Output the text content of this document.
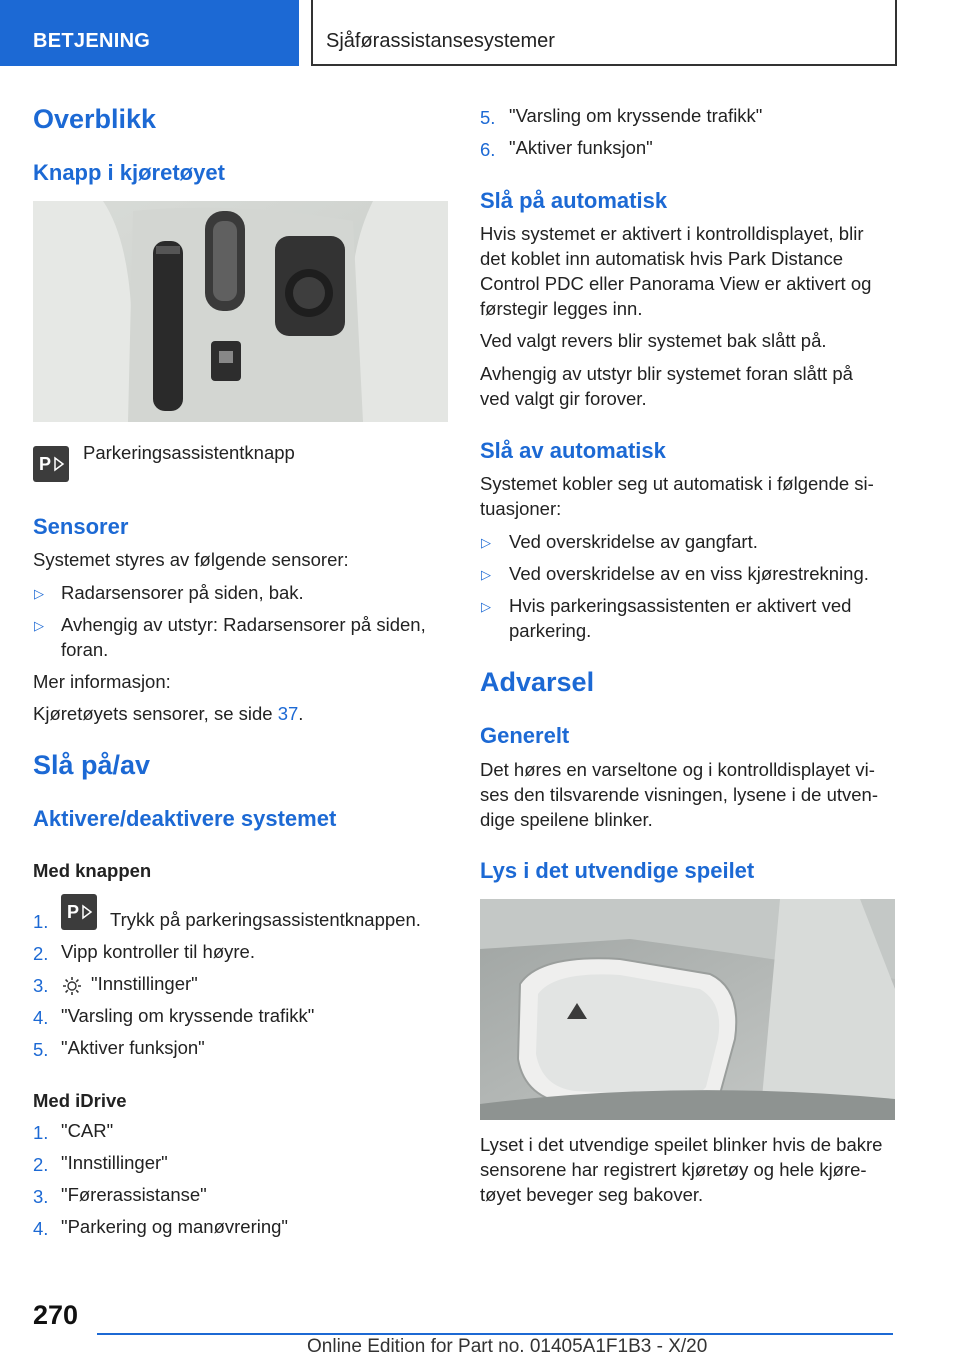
BETJENING	Sjåførassistansesystemer
Overblikk
Knapp i kjøretøyet
P
Parkeringsassistentknapp
Sensorer
Systemet styres av følgende sensorer:
▷ Radarsensorer på siden, bak.
▷ Avhengig av utstyr: Radarsensorer på siden,
foran.
Mer informasjon:
Kjøretøyets sensorer, se side 37.
Slå på/av
Aktivere/deaktivere systemet
Med knappen
1. P Trykk på parkeringsassistentknappen.
2. Vipp kontroller til høyre.
3. "Innstillinger"
4. "Varsling om kryssende trafikk"
5. "Aktiver funksjon"
Med iDrive
1. "CAR"
2. "Innstillinger"
3. "Førerassistanse"
4. "Parkering og manøvrering"
5. "Varsling om kryssende trafikk"
6. "Aktiver funksjon"
Slå på automatisk
Hvis systemet er aktivert i kontrolldisplayet, blir
det koblet inn automatisk hvis Park Distance
Control PDC eller Panorama View er aktivert og
førstegir legges inn.
Ved valgt revers blir systemet bak slått på.
Avhengig av utstyr blir systemet foran slått på
ved valgt gir forover.
Slå av automatisk
Systemet kobler seg ut automatisk i følgende si-
tuasjoner:
▷ Ved overskridelse av gangfart.
▷ Ved overskridelse av en viss kjørestrekning.
▷ Hvis parkeringsassistenten er aktivert ved
parkering.
Advarsel
Generelt
Det høres en varseltone og i kontrolldisplayet vi-
ses den tilsvarende visningen, lysene i de utven-
dige speilene blinker.
Lys i det utvendige speilet
Lyset i det utvendige speilet blinker hvis de bakre
sensorene har registrert kjøretøy og hele kjøre-
tøyet beveger seg bakover.
270
Online Edition for Part no. 01405A1F1B3 - X/20
